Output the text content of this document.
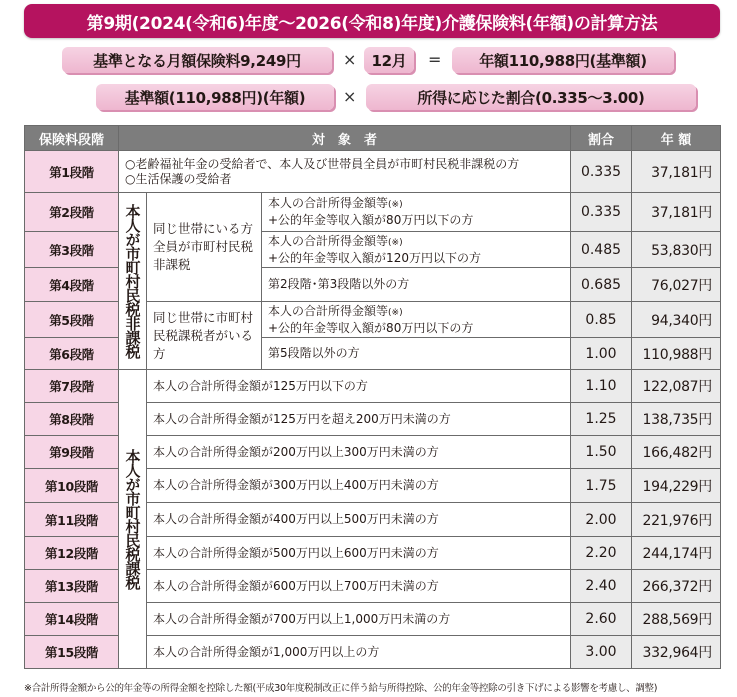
第9期(2024(令和6)年度～2026(令和8)年度)介護保険料(年額)の計算方法
基準となる月額保険料9,249円	×	12月	=	年額110,988円(基準額)
基準額(110,988円)(年額)	×	所得に応じた割合(0.335～3.00)
保険料段階	対　象　者			割合	年 額
第1段階	○老齢福祉年金の受給者で、本人及び世帯員全員が市町村民税非課税の方
○生活保護の受給者			0.335	37,181円
第2段階	本人が市町村民税非課税	同じ世帯にいる方全員が市町村民税非課税	本人の合計所得金額等(※)
+公的年金等収入額が80万円以下の方	0.335	37,181円
第3段階			本人の合計所得金額等(※)
+公的年金等収入額が120万円以下の方	0.485	53,830円
第4段階			第2段階･第3段階以外の方	0.685	76,027円
第5段階		同じ世帯に市町村民税課税者がいる方	本人の合計所得金額等(※)
+公的年金等収入額が80万円以下の方	0.85	94,340円
第6段階			第5段階以外の方	1.00	110,988円
第7段階	本人が市町村民税課税	本人の合計所得金額が125万円以下の方		1.10	122,087円
第8段階		本人の合計所得金額が125万円を超え200万円未満の方		1.25	138,735円
第9段階		本人の合計所得金額が200万円以上300万円未満の方		1.50	166,482円
第10段階		本人の合計所得金額が300万円以上400万円未満の方		1.75	194,229円
第11段階		本人の合計所得金額が400万円以上500万円未満の方		2.00	221,976円
第12段階		本人の合計所得金額が500万円以上600万円未満の方		2.20	244,174円
第13段階		本人の合計所得金額が600万円以上700万円未満の方		2.40	266,372円
第14段階		本人の合計所得金額が700万円以上1,000万円未満の方		2.60	288,569円
第15段階		本人の合計所得金額が1,000万円以上の方		3.00	332,964円
※合計所得金額から公的年金等の所得金額を控除した額(平成30年度税制改正に伴う給与所得控除、公的年金等控除の引き下げによる影響を考慮し、調整)
